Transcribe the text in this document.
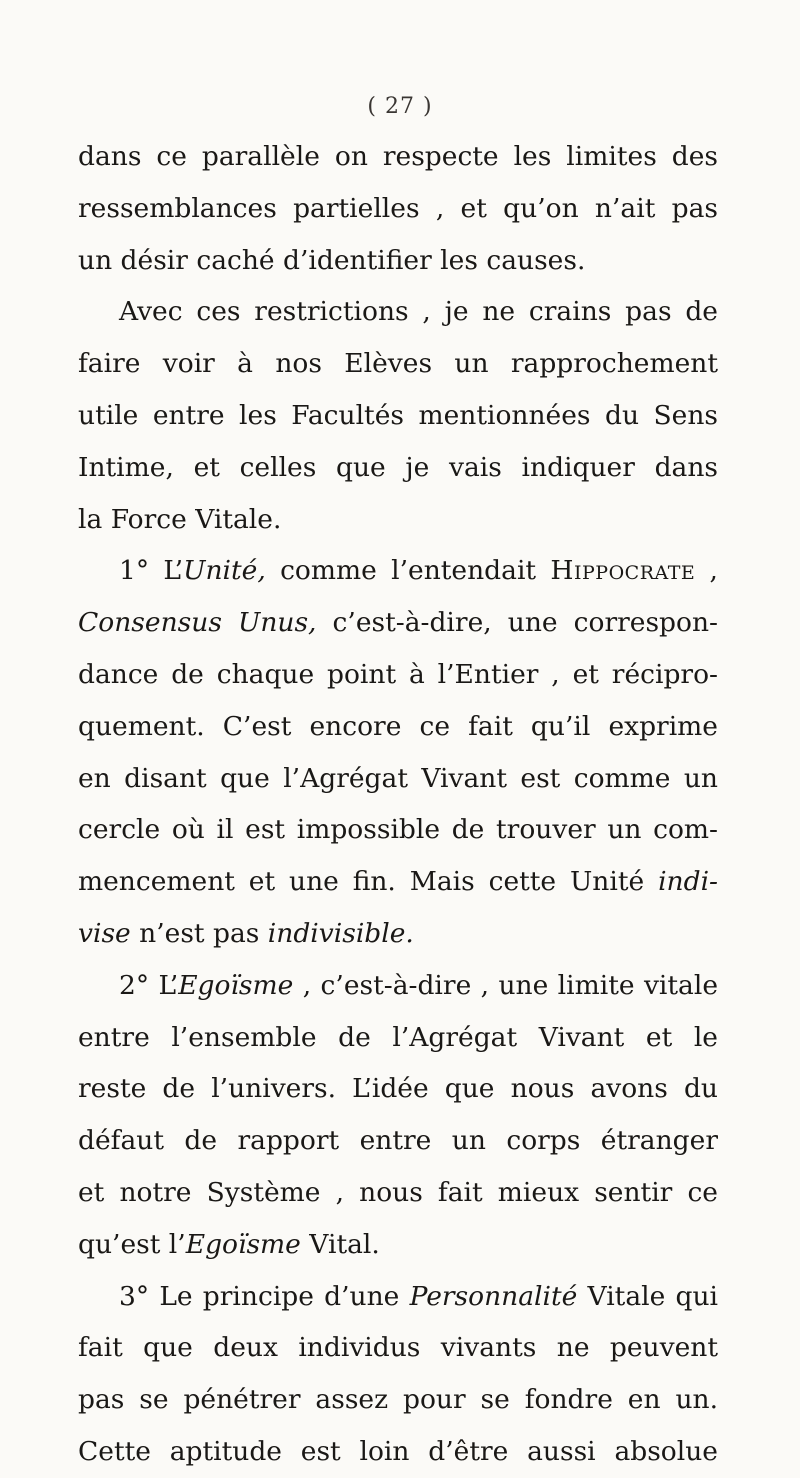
( 27 )
dans ce parallèle on respecte les limites des
ressemblances partielles , et qu’on n’ait pas
un désir caché d’identifier les causes.
Avec ces restrictions , je ne crains pas de
faire voir à nos Elèves un rapprochement
utile entre les Facultés mentionnées du Sens
Intime, et celles que je vais indiquer dans
la Force Vitale.
1° L’Unité, comme l’entendait Hippocrate ,
Consensus Unus, c’est-à-dire, une correspon-
dance de chaque point à l’Entier , et récipro-
quement. C’est encore ce fait qu’il exprime
en disant que l’Agrégat Vivant est comme un
cercle où il est impossible de trouver un com-
mencement et une fin. Mais cette Unité indi-
vise n’est pas indivisible.
2° L’Egoïsme , c’est-à-dire , une limite vitale
entre l’ensemble de l’Agrégat Vivant et le
reste de l’univers. L’idée que nous avons du
défaut de rapport entre un corps étranger
et notre Système , nous fait mieux sentir ce
qu’est l’Egoïsme Vital.
3° Le principe d’une Personnalité Vitale qui
fait que deux individus vivants ne peuvent
pas se pénétrer assez pour se fondre en un.
Cette aptitude est loin d’être aussi absolue
